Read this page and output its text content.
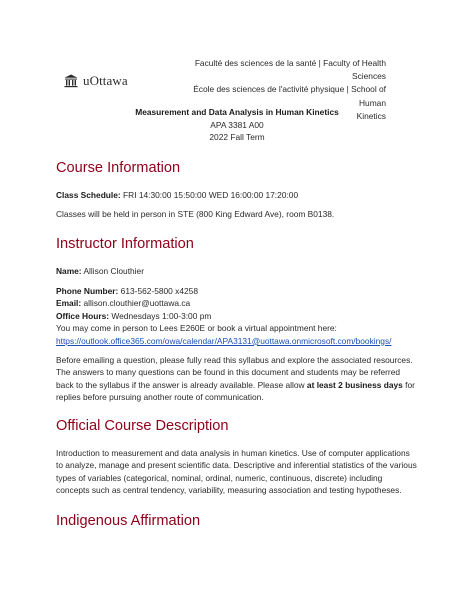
uOttawa

Faculté des sciences de la santé | Faculty of Health

Sciences

École des sciences de l'activité physique | School of Human

Kinetics

Measurement and Data Analysis in Human Kinetics
APA 3381 A00
2022 Fall Term
Course Information
Class Schedule: FRI 14:30:00 15:50:00 WED 16:00:00 17:20:00
Classes will be held in person in STE (800 King Edward Ave), room B0138.
Instructor Information
Name: Allison Clouthier
Phone Number: 613-562-5800 x4258
Email: allison.clouthier@uottawa.ca
Office Hours: Wednesdays 1:00-3:00 pm
You may come in person to Lees E260E or book a virtual appointment here:
https://outlook.office365.com/owa/calendar/APA3131@uottawa.onmicrosoft.com/bookings/
Before emailing a question, please fully read this syllabus and explore the associated resources. The answers to many questions can be found in this document and students may be referred back to the syllabus if the answer is already available. Please allow at least 2 business days for replies before pursuing another route of communication.
Official Course Description
Introduction to measurement and data analysis in human kinetics. Use of computer applications to analyze, manage and present scientific data. Descriptive and inferential statistics of the various types of variables (categorical, nominal, ordinal, numeric, continuous, discrete) including concepts such as central tendency, variability, measuring association and testing hypotheses.
Indigenous Affirmation
